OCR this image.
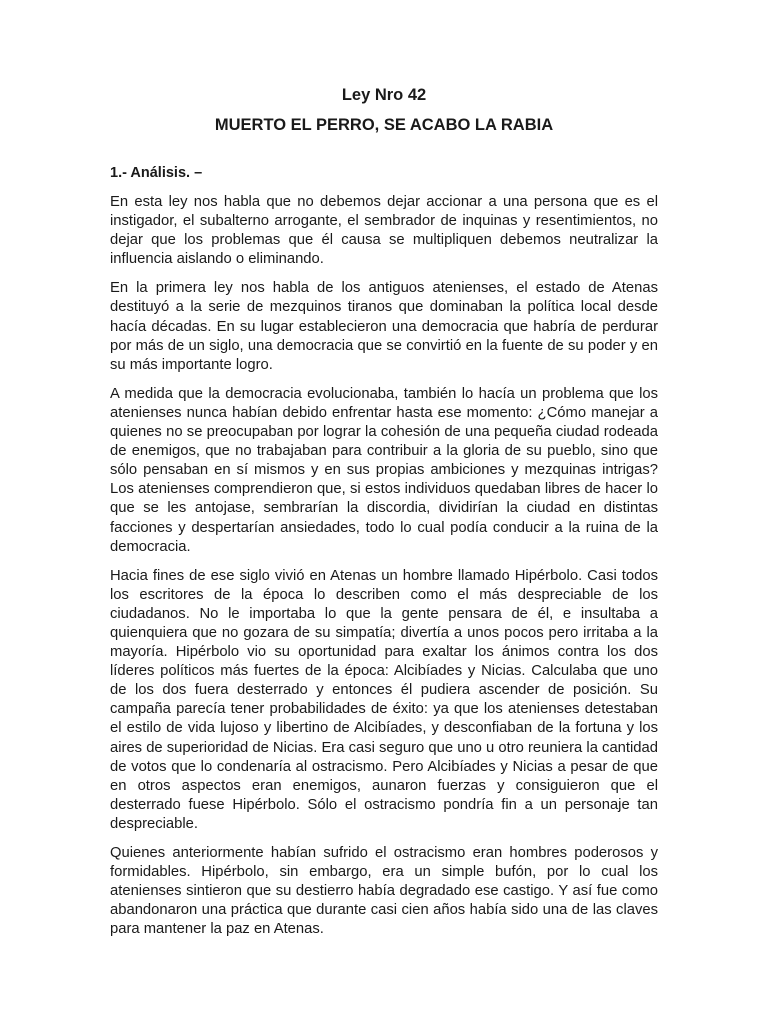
Ley Nro 42

MUERTO EL PERRO, SE ACABO LA RABIA

1.- Análisis. –

En esta ley nos habla que no debemos dejar accionar a una persona que es el instigador, el subalterno arrogante, el sembrador de inquinas y resentimientos, no dejar que los problemas que él causa se multipliquen debemos neutralizar la influencia aislando o eliminando.

En la primera ley nos habla de los antiguos atenienses, el estado de Atenas destituyó a la serie de mezquinos tiranos que dominaban la política local desde hacía décadas. En su lugar establecieron una democracia que habría de perdurar por más de un siglo, una democracia que se convirtió en la fuente de su poder y en su más importante logro.

A medida que la democracia evolucionaba, también lo hacía un problema que los atenienses nunca habían debido enfrentar hasta ese momento: ¿Cómo manejar a quienes no se preocupaban por lograr la cohesión de una pequeña ciudad rodeada de enemigos, que no trabajaban para contribuir a la gloria de su pueblo, sino que sólo pensaban en sí mismos y en sus propias ambiciones y mezquinas intrigas? Los atenienses comprendieron que, si estos individuos quedaban libres de hacer lo que se les antojase, sembrarían la discordia, dividirían la ciudad en distintas facciones y despertarían ansiedades, todo lo cual podía conducir a la ruina de la democracia.

Hacia fines de ese siglo vivió en Atenas un hombre llamado Hipérbolo. Casi todos los escritores de la época lo describen como el más despreciable de los ciudadanos. No le importaba lo que la gente pensara de él, e insultaba a quienquiera que no gozara de su simpatía; divertía a unos pocos pero irritaba a la mayoría. Hipérbolo vio su oportunidad para exaltar los ánimos contra los dos líderes políticos más fuertes de la época: Alcibíades y Nicias. Calculaba que uno de los dos fuera desterrado y entonces él pudiera ascender de posición. Su campaña parecía tener probabilidades de éxito: ya que los atenienses detestaban el estilo de vida lujoso y libertino de Alcibíades, y desconfiaban de la fortuna y los aires de superioridad de Nicias. Era casi seguro que uno u otro reuniera la cantidad de votos que lo condenaría al ostracismo. Pero Alcibíades y Nicias a pesar de que en otros aspectos eran enemigos, aunaron fuerzas y consiguieron que el desterrado fuese Hipérbolo. Sólo el ostracismo pondría fin a un personaje tan despreciable.

Quienes anteriormente habían sufrido el ostracismo eran hombres poderosos y formidables. Hipérbolo, sin embargo, era un simple bufón, por lo cual los atenienses sintieron que su destierro había degradado ese castigo. Y así fue como abandonaron una práctica que durante casi cien años había sido una de las claves para mantener la paz en Atenas.
